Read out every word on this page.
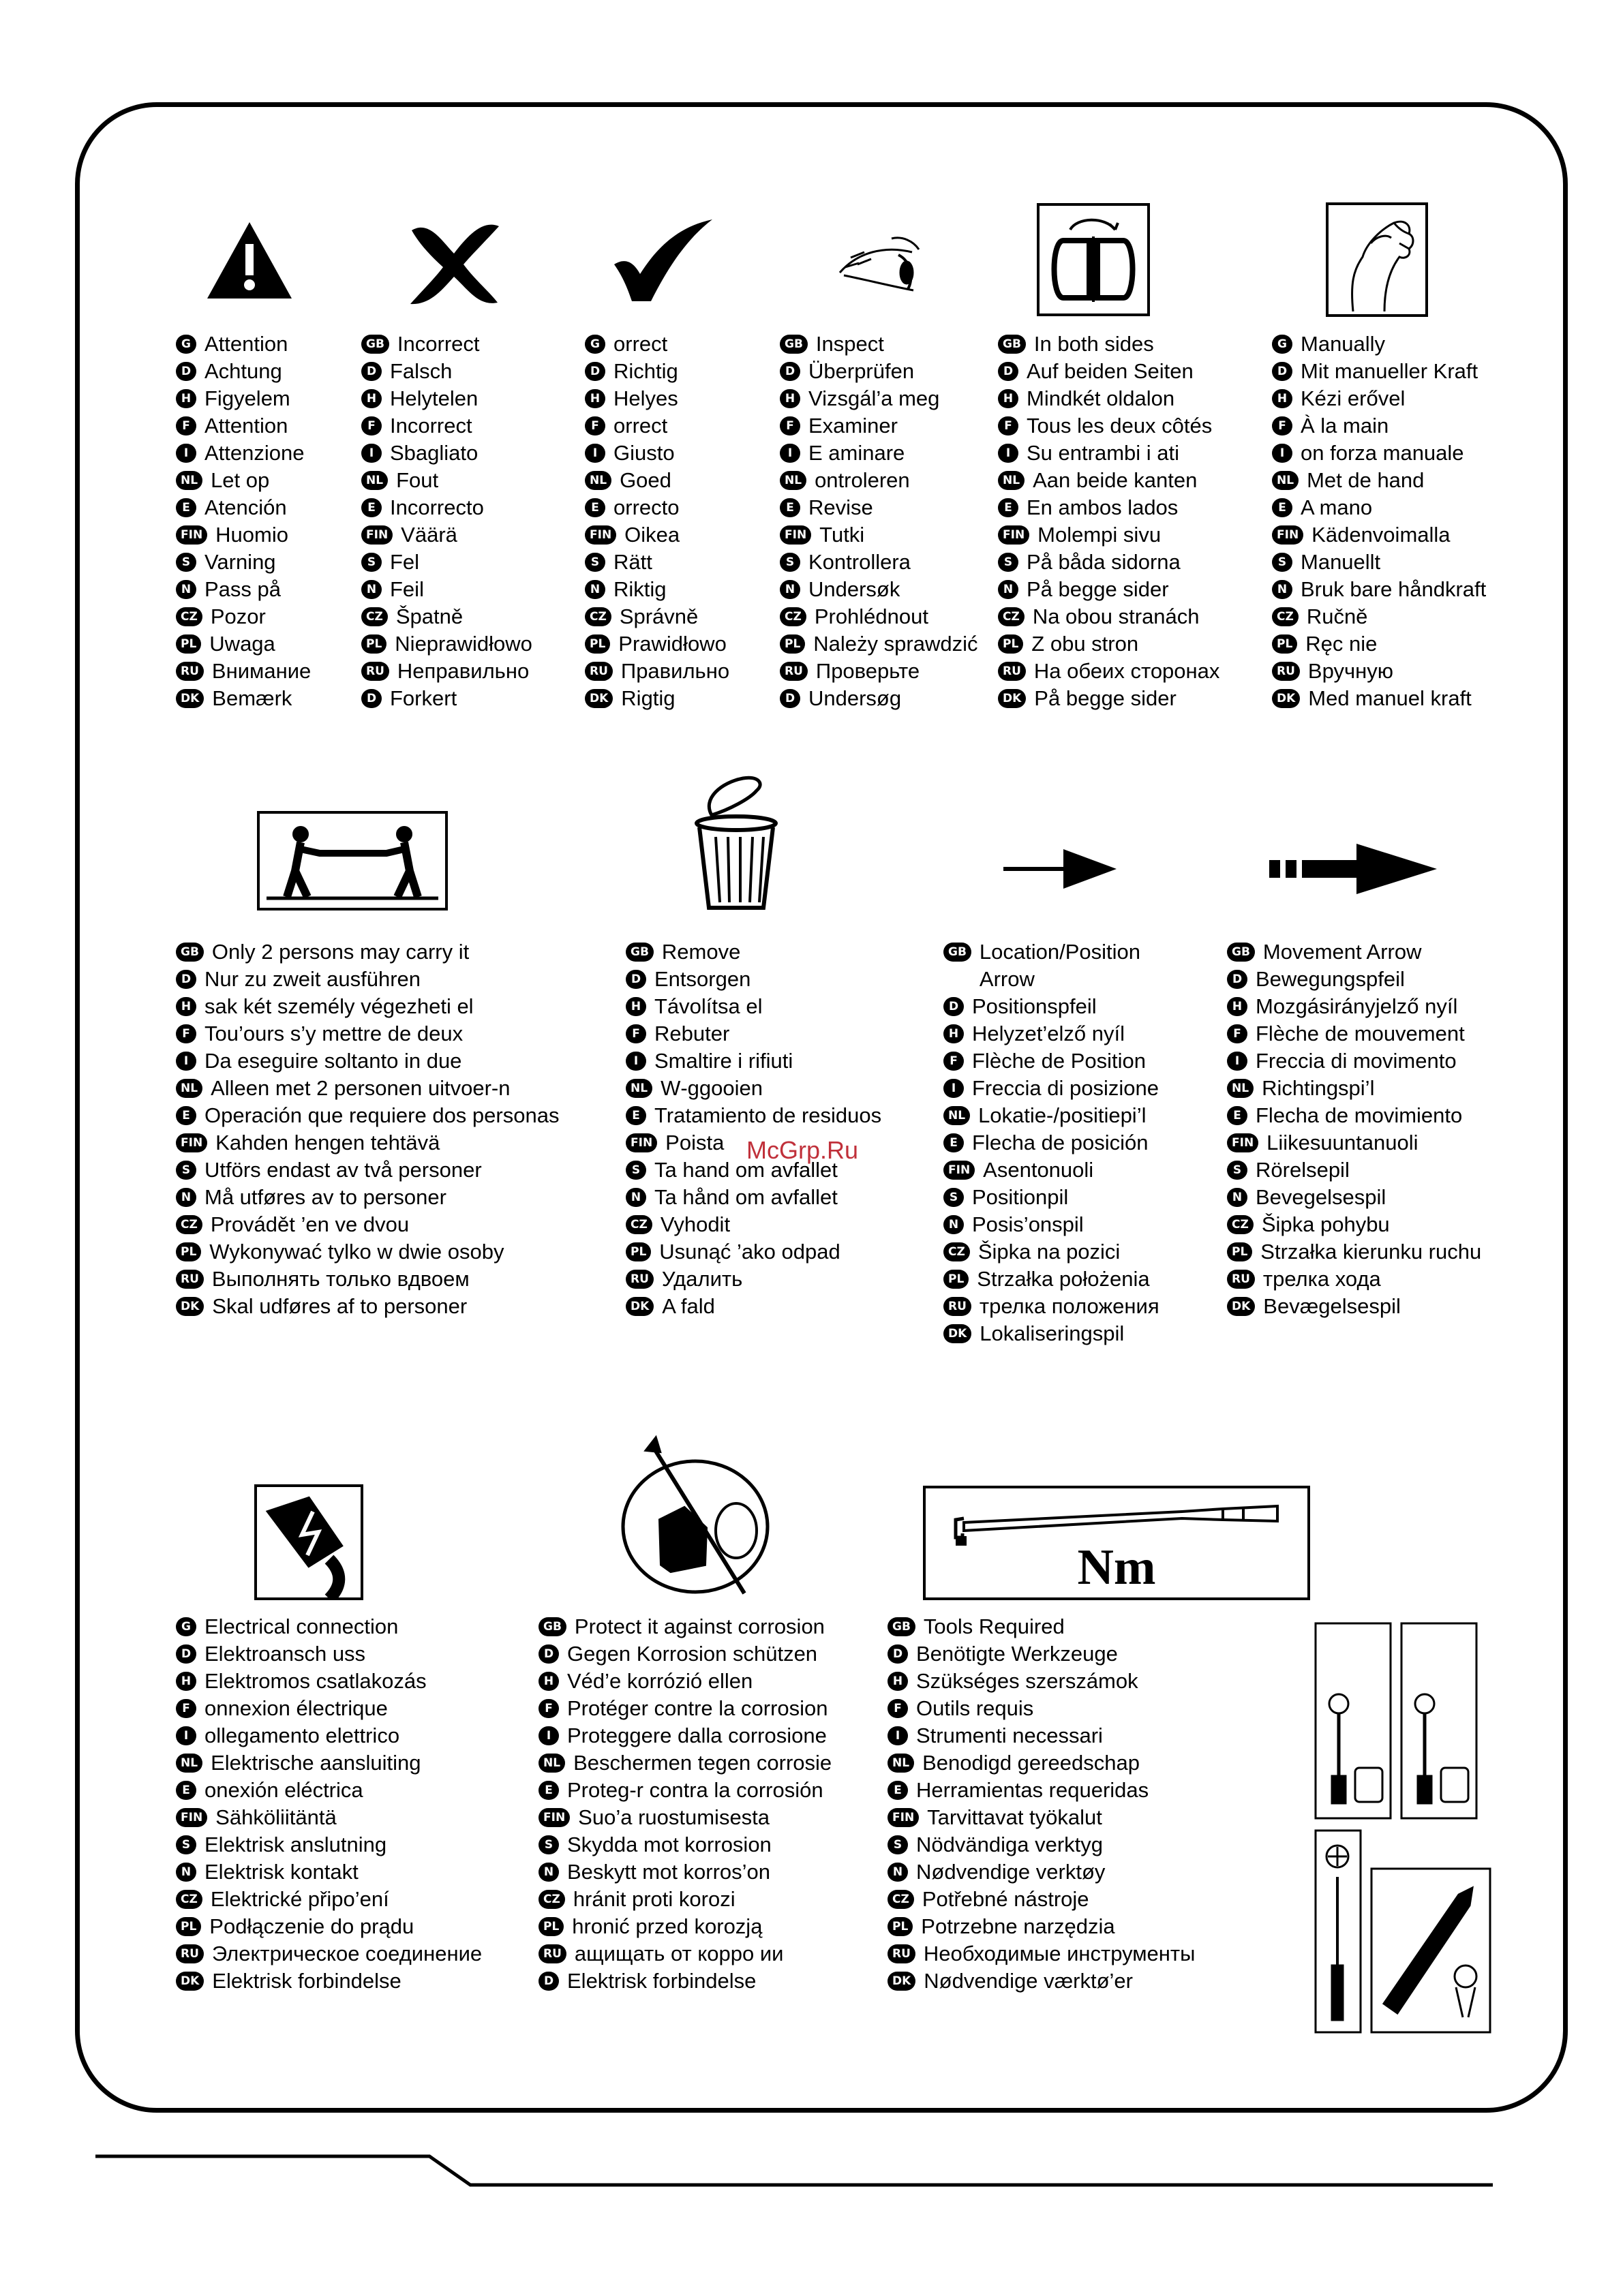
G Attention
D Achtung
H Figyelem
F Attention
I Attenzione
NL Let op
E Atención
FIN Huomio
S Varning
N Pass på
CZ Pozor
PL Uwaga
RU Внимание
DK Bemærk
GB Incorrect
D Falsch
H Helytelen
F Incorrect
I Sbagliato
NL Fout
E Incorrecto
FIN Väärä
S Fel
N Feil
CZ Špatně
PL Nieprawidłowo
RU Неправильно
D Forkert
G orrect
D Richtig
H Helyes
F orrect
I Giusto
NL Goed
E orrecto
FIN Oikea
S Rätt
N Riktig
CZ Správně
PL Prawidłowo
RU Правильно
DK Rigtig
GB Inspect
D Überprüfen
H Vizsgál’a meg
F Examiner
I E aminare
NL ontroleren
E Revise
FIN Tutki
S Kontrollera
N Undersøk
CZ Prohlédnout
PL Należy sprawdzić
RU Проверьте
D Undersøg
GB In both sides
D Auf beiden Seiten
H Mindkét oldalon
F Tous les deux côtés
I Su entrambi i ati
NL Aan beide kanten
E En ambos lados
FIN Molempi sivu
S På båda sidorna
N På begge sider
CZ Na obou stranách
PL Z obu stron
RU На обеих сторонах
DK På begge sider
G Manually
D Mit manueller Kraft
H Kézi erővel
F À la main
I on forza manuale
NL Met de hand
E A mano
FIN Kädenvoimalla
S Manuellt
N Bruk bare håndkraft
CZ Ručně
PL Ręc nie
RU Вручную
DK Med manuel kraft
GB Only 2 persons may carry it
D Nur zu zweit ausführen
H sak két személy végezheti el
F Tou’ours s’y mettre de deux
I Da eseguire soltanto in due
NL Alleen met 2 personen uitvoer‑n
E Operación que requiere dos personas
FIN Kahden hengen tehtävä
S Utförs endast av två personer
N Må utføres av to personer
CZ Provádět ’en ve dvou
PL Wykonywać tylko w dwie osoby
RU Выполнять только вдвоем
DK Skal udføres af to personer
GB Remove
D Entsorgen
H Távolítsa el
F Rebuter
I Smaltire i rifiuti
NL W‑ggooien
E Tratamiento de residuos
FIN Poista
S Ta hand om avfallet
N Ta hånd om avfallet
CZ Vyhodit
PL Usunąć ’ako odpad
RU Удалить
DK A fald
GB Location/Position
Arrow
D Positionspfeil
H Helyzet’elző nyíl
F Flèche de Position
I Freccia di posizione
NL Lokatie-/positiepi’l
E Flecha de posición
FIN Asentonuoli
S Positionpil
N Posis’onspil
CZ Šipka na pozici
PL Strzałka położenia
RU трелка положения
DK Lokaliseringspil
GB Movement Arrow
D Bewegungspfeil
H Mozgásirányjelző nyíl
F Flèche de mouvement
I Freccia di movimento
NL Richtingspi’l
E Flecha de movimiento
FIN Liikesuuntanuoli
S Rörelsepil
N Bevegelsespil
CZ Šipka pohybu
PL Strzałka kierunku ruchu
RU трелка хода
DK Bevægelsespil
McGrp.Ru
Nm
G Electrical connection
D Elektroansch uss
H Elektromos csatlakozás
F onnexion électrique
I ollegamento elettrico
NL Elektrische aansluiting
E onexión eléctrica
FIN Sähköliitäntä
S Elektrisk anslutning
N Elektrisk kontakt
CZ Elektrické připo’ení
PL Podłączenie do prądu
RU Электрическое соединение
DK Elektrisk forbindelse
GB Protect it against corrosion
D Gegen Korrosion schützen
H Véd’e korrózió ellen
F Protéger contre la corrosion
I Proteggere dalla corrosione
NL Beschermen tegen corrosie
E Proteg‑r contra la corrosión
FIN Suo’a ruostumisesta
S Skydda mot korrosion
N Beskytt mot korros’on
CZ hránit proti korozi
PL hronić przed korozją
RU ащищать от корро ии
D Elektrisk forbindelse
GB Tools Required
D Benötigte Werkzeuge
H Szükséges szerszámok
F Outils requis
I Strumenti necessari
NL Benodigd gereedschap
E Herramientas requeridas
FIN Tarvittavat työkalut
S Nödvändiga verktyg
N Nødvendige verktøy
CZ Potřebné nástroje
PL Potrzebne narzędzia
RU Необходимые инструменты
DK Nødvendige værktø’er
